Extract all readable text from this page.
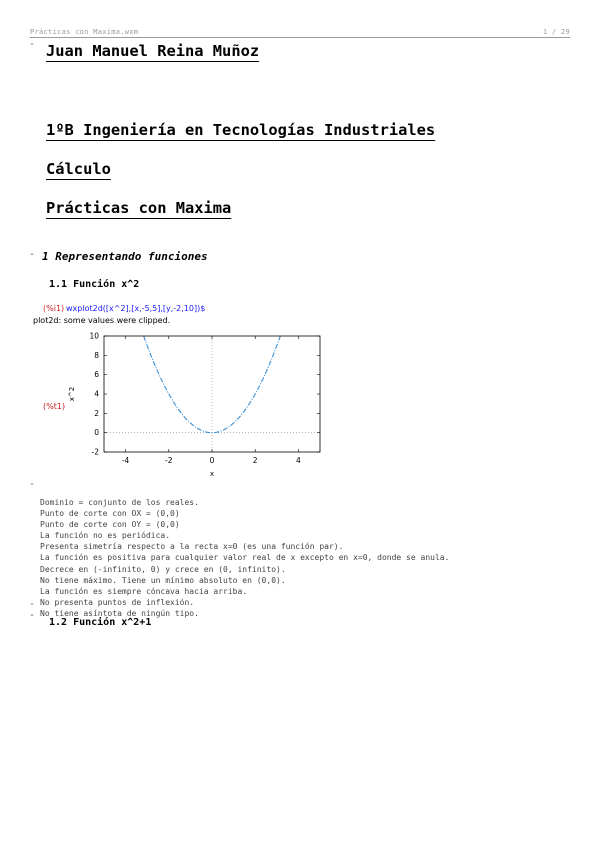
Prácticas con Maxima.wxm	1 / 29
- Juan Manuel Reina Muñoz
1ºB Ingeniería en Tecnologías Industriales
Cálculo
Prácticas con Maxima
- 1 Representando funciones
1.1 Función x^2
(%i1) wxplot2d([x^2],[x,-5,5],[y,-2,10])$
plot2d: some values were clipped.
(%t1)
-4	-2	0	2	4
-2
0
2
4
6
8
10
x
x^2
-
Dominio = conjunto de los reales.
Punto de corte con OX = (0,0)
Punto de corte con OY = (0,0)
La función no es periódica.
Presenta simetría respecto a la recta x=0 (es una función par).
La función es positiva para cualquier valor real de x excepto en x=0, donde se anula.
Decrece en (-infinito, 0) y crece en (0, infinito).
No tiene máximo. Tiene un mínimo absoluto en (0,0).
La función es siempre cóncava hacia arriba.
No presenta puntos de inflexión.
No tiene asíntota de ningún tipo.
-
-
1.2 Función x^2+1
